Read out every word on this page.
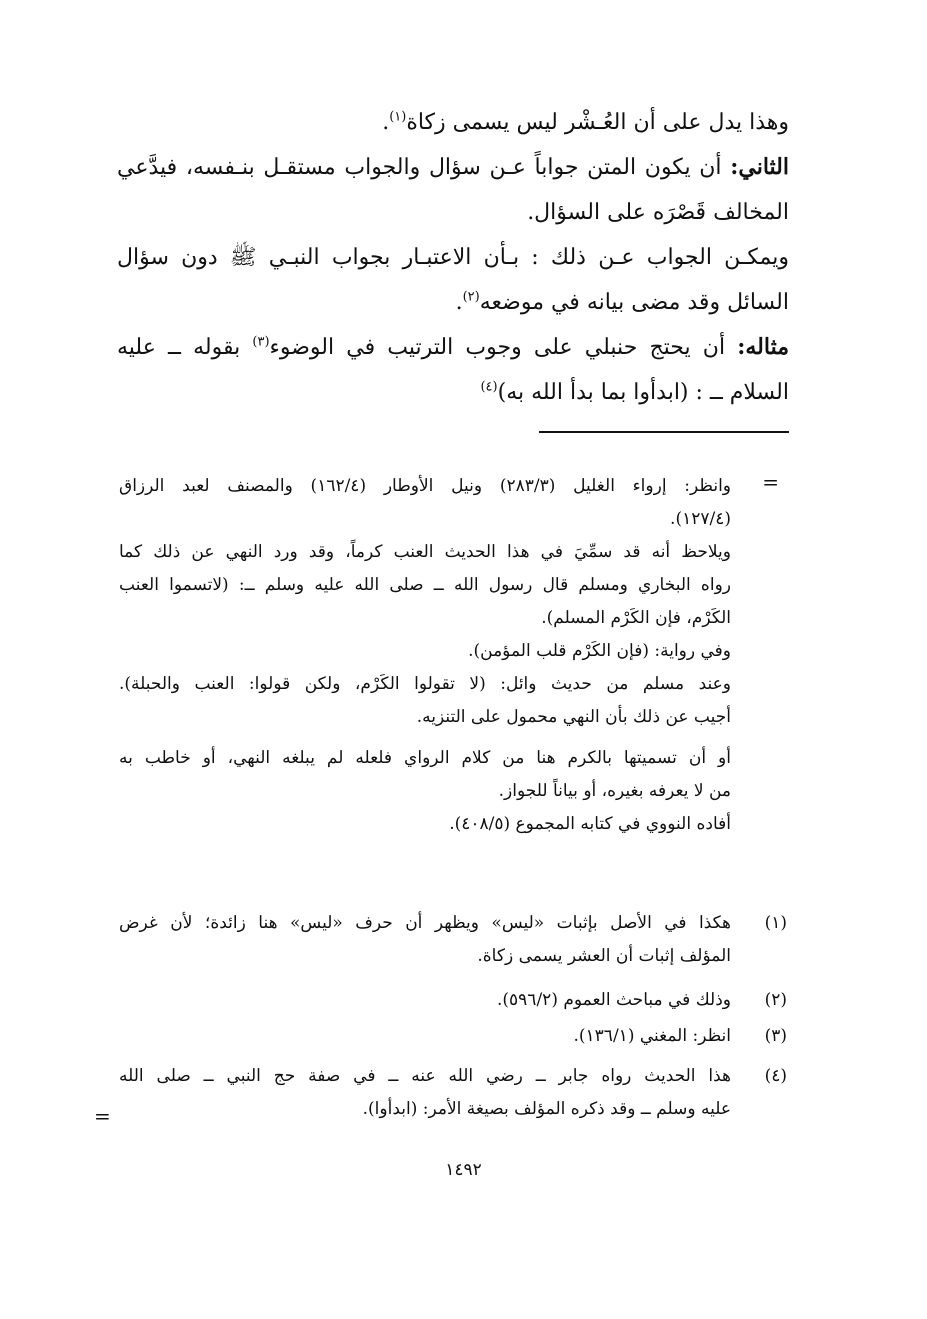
وهذا يدل على أن العُـشْر ليس يسمى زكاة$^{(١)}$.
الثاني: أن يكون المتن جواباً عـن سؤال والجواب مستقـل بنـفسه، فيدَّعي
المخالف قَصْرَه على السؤال.
ويمكـن الجواب عـن ذلك : بـأن الاعتبـار بجواب النبـي ﷺ دون سؤال
السائل وقد مضى بيانه في موضعه$^{(٢)}$.
مثاله: أن يحتج حنبلي على وجوب الترتيب في الوضوء$^{(٣)}$ بقوله ــ عليه
السلام ــ : (ابدأوا بما بدأ الله به)$^{(٤)}$
=
وانظر: إرواء الغليل (٢٨٣/٣) ونيل الأوطار (١٦٢/٤) والمصنف لعبد الرزاق
(١٢٧/٤).
ويلاحظ أنه قد سمِّيَ في هذا الحديث العنب كرماً، وقد ورد النهي عن ذلك كما
رواه البخاري ومسلم قال رسول الله ــ صلى الله عليه وسلم ــ: (لاتسموا العنب
الكَرْم، فإن الكَرْم المسلم).
وفي رواية: (فإن الكَرْم قلب المؤمن).
وعند مسلم من حديث وائل: (لا تقولوا الكَرْم، ولكن قولوا: العنب والحبلة).
أجيب عن ذلك بأن النهي محمول على التنزيه.
أو أن تسميتها بالكرم هنا من كلام الرواي فلعله لم يبلغه النهي، أو خاطب به
من لا يعرفه بغيره، أو بياناً للجواز.
أفاده النووي في كتابه المجموع (٤٠٨/٥).
(١)
هكذا في الأصل بإثبات «ليس» ويظهر أن حرف «ليس» هنا زائدة؛ لأن غرض
المؤلف إثبات أن العشر يسمى زكاة.
(٢)
وذلك في مباحث العموم (٥٩٦/٢).
(٣)
انظر: المغني (١٣٦/١).
(٤)
هذا الحديث رواه جابر ــ رضي الله عنه ــ في صفة حج النبي ــ صلى الله
عليه وسلم ــ وقد ذكره المؤلف بصيغة الأمر: (ابدأوا).
=
١٤٩٢
